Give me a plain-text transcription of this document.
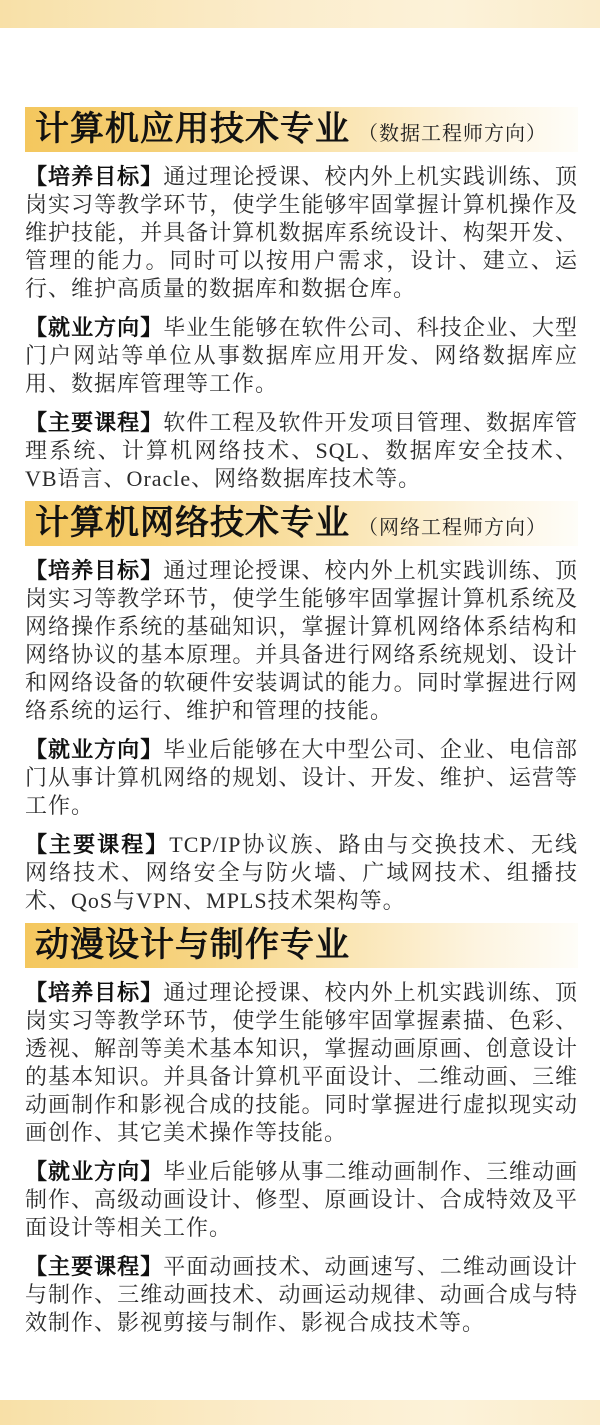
计算机应用技术专业 （数据工程师方向）

【培养目标】通过理论授课、校内外上机实践训练、顶岗实习等教学环节，使学生能够牢固掌握计算机操作及维护技能，并具备计算机数据库系统设计、构架开发、管理的能力。同时可以按用户需求，设计、建立、运行、维护高质量的数据库和数据仓库。

【就业方向】毕业生能够在软件公司、科技企业、大型门户网站等单位从事数据库应用开发、网络数据库应用、数据库管理等工作。

【主要课程】软件工程及软件开发项目管理、数据库管理系统、计算机网络技术、SQL、数据库安全技术、VB语言、Oracle、网络数据库技术等。

计算机网络技术专业 （网络工程师方向）

【培养目标】通过理论授课、校内外上机实践训练、顶岗实习等教学环节，使学生能够牢固掌握计算机系统及网络操作系统的基础知识，掌握计算机网络体系结构和网络协议的基本原理。并具备进行网络系统规划、设计和网络设备的软硬件安装调试的能力。同时掌握进行网络系统的运行、维护和管理的技能。

【就业方向】毕业后能够在大中型公司、企业、电信部门从事计算机网络的规划、设计、开发、维护、运营等工作。

【主要课程】TCP/IP协议族、路由与交换技术、无线网络技术、网络安全与防火墙、广域网技术、组播技术、QoS与VPN、MPLS技术架构等。

动漫设计与制作专业

【培养目标】通过理论授课、校内外上机实践训练、顶岗实习等教学环节，使学生能够牢固掌握素描、色彩、透视、解剖等美术基本知识，掌握动画原画、创意设计的基本知识。并具备计算机平面设计、二维动画、三维动画制作和影视合成的技能。同时掌握进行虚拟现实动画创作、其它美术操作等技能。

【就业方向】毕业后能够从事二维动画制作、三维动画制作、高级动画设计、修型、原画设计、合成特效及平面设计等相关工作。

【主要课程】平面动画技术、动画速写、二维动画设计与制作、三维动画技术、动画运动规律、动画合成与特效制作、影视剪接与制作、影视合成技术等。
